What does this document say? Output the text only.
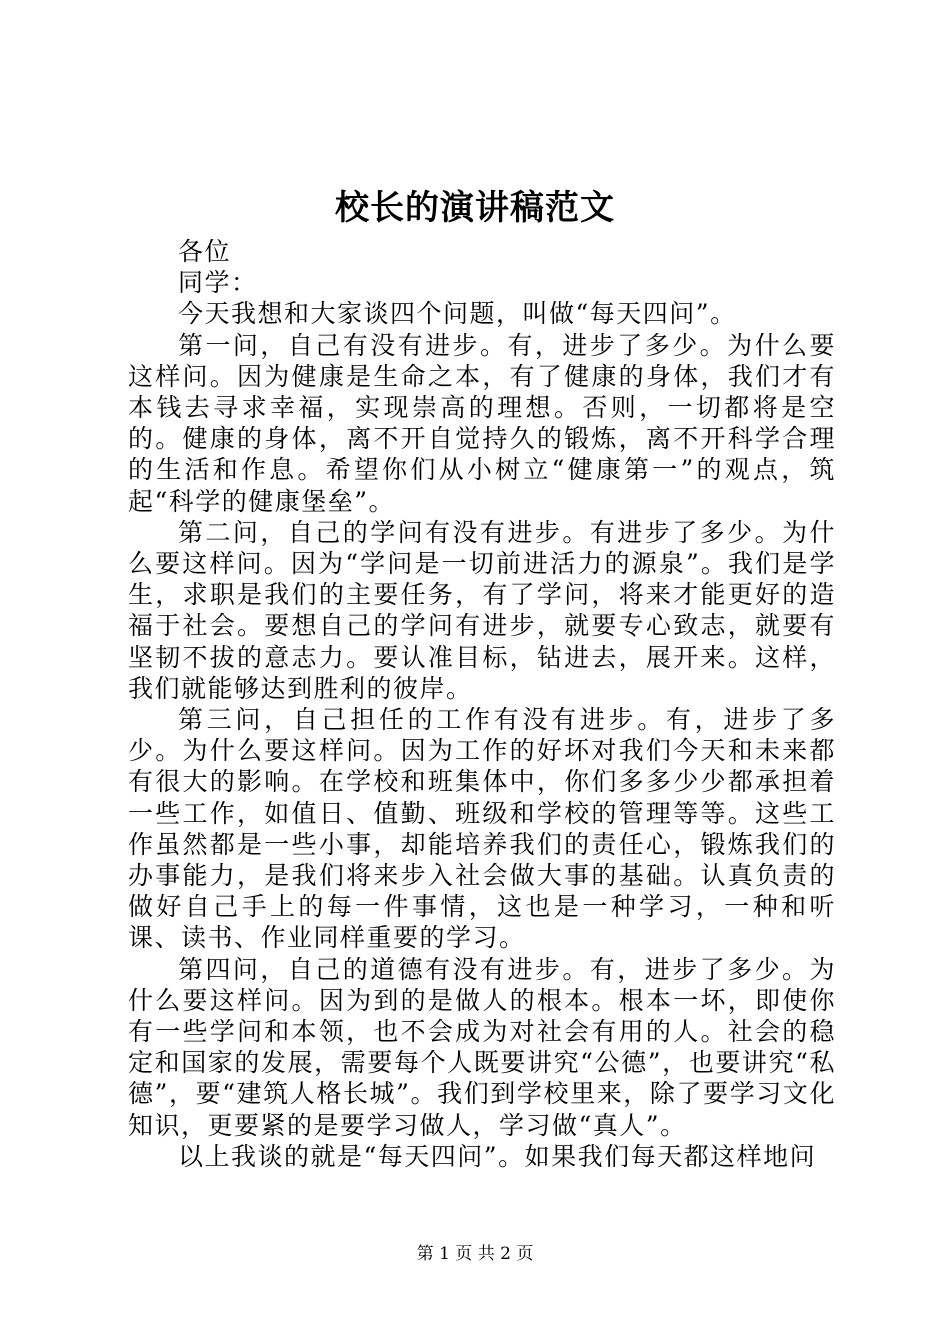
校长的演讲稿范文

各位

同学：

今天我想和大家谈四个问题，叫做“每天四问”。

第一问，自己有没有进步。有，进步了多少。为什么要这样问。因为健康是生命之本，有了健康的身体，我们才有本钱去寻求幸福，实现崇高的理想。否则，一切都将是空的。健康的身体，离不开自觉持久的锻炼，离不开科学合理的生活和作息。希望你们从小树立“健康第一”的观点，筑起“科学的健康堡垒”。

第二问，自己的学问有没有进步。有进步了多少。为什么要这样问。因为“学问是一切前进活力的源泉”。我们是学生，求职是我们的主要任务，有了学问，将来才能更好的造福于社会。要想自己的学问有进步，就要专心致志，就要有坚韧不拔的意志力。要认准目标，钻进去，展开来。这样，我们就能够达到胜利的彼岸。

第三问，自己担任的工作有没有进步。有，进步了多少。为什么要这样问。因为工作的好坏对我们今天和未来都有很大的影响。在学校和班集体中，你们多多少少都承担着一些工作，如值日、值勤、班级和学校的管理等等。这些工作虽然都是一些小事，却能培养我们的责任心，锻炼我们的办事能力，是我们将来步入社会做大事的基础。认真负责的做好自己手上的每一件事情，这也是一种学习，一种和听课、读书、作业同样重要的学习。

第四问，自己的道德有没有进步。有，进步了多少。为什么要这样问。因为到的是做人的根本。根本一坏，即使你有一些学问和本领，也不会成为对社会有用的人。社会的稳定和国家的发展，需要每个人既要讲究“公德”，也要讲究“私德”，要“建筑人格长城”。我们到学校里来，除了要学习文化知识，更要紧的是要学习做人，学习做“真人”。

以上我谈的就是“每天四问”。如果我们每天都这样地问

第 1 页 共 2 页
